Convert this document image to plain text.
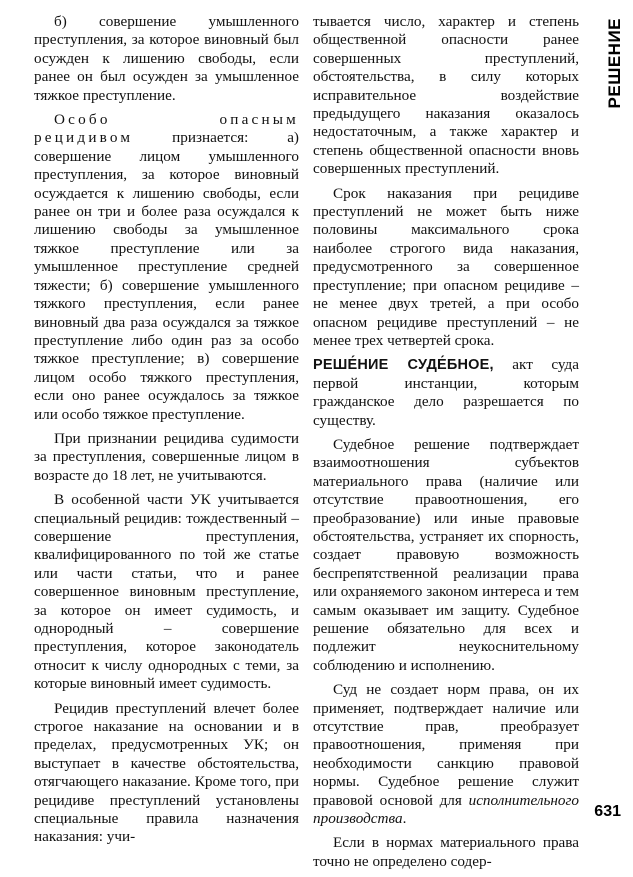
б) совершение умышленного преступления, за которое виновный был осужден к лишению свободы, если ранее он был осужден за умышленное тяжкое преступление.

Особо опасным рецидивом признается: а) совершение лицом умышленного преступления, за которое виновный осуждается к лишению свободы, если ранее он три и более раза осуждался к лишению свободы за умышленное тяжкое преступление или за умышленное преступление средней тяжести; б) совершение умышленного тяжкого преступления, если ранее виновный два раза осуждался за тяжкое преступление либо один раз за особо тяжкое преступление; в) совершение лицом особо тяжкого преступления, если оно ранее осуждалось за тяжкое или особо тяжкое преступление.

При признании рецидива судимости за преступления, совершенные лицом в возрасте до 18 лет, не учитываются.

В особенной части УК учитывается специальный рецидив: тождественный – совершение преступления, квалифицированного по той же статье или части статьи, что и ранее совершенное виновным преступление, за которое он имеет судимость, и однородный – совершение преступления, которое законодатель относит к числу однородных с теми, за которые виновный имеет судимость.

Рецидив преступлений влечет более строгое наказание на основании и в пределах, предусмотренных УК; он выступает в качестве обстоятельства, отягчающего наказание. Кроме того, при рецидиве преступлений установлены специальные правила назначения наказания: учи-

тывается число, характер и степень общественной опасности ранее совершенных преступлений, обстоятельства, в силу которых исправительное воздействие предыдущего наказания оказалось недостаточным, а также характер и степень общественной опасности вновь совершенных преступлений.

Срок наказания при рецидиве преступлений не может быть ниже половины максимального срока наиболее строгого вида наказания, предусмотренного за совершенное преступление; при опасном рецидиве – не менее двух третей, а при особо опасном рецидиве преступлений – не менее трех четвертей срока.

РЕШЕ́НИЕ СУДЕ́БНОЕ, акт суда первой инстанции, которым гражданское дело разрешается по существу.

Судебное решение подтверждает взаимоотношения субъектов материального права (наличие или отсутствие правоотношения, его преобразование) или иные правовые обстоятельства, устраняет их спорность, создает правовую возможность беспрепятственной реализации права или охраняемого законом интереса и тем самым оказывает им защиту. Судебное решение обязательно для всех и подлежит неукоснительному соблюдению и исполнению.

Суд не создает норм права, он их применяет, подтверждает наличие или отсутствие прав, преобразует правоотношения, применяя при необходимости санкцию правовой нормы. Судебное решение служит правовой основой для исполнительного производства.

Если в нормах материального права точно не определено содер-

РЕШЕНИЕ
631
